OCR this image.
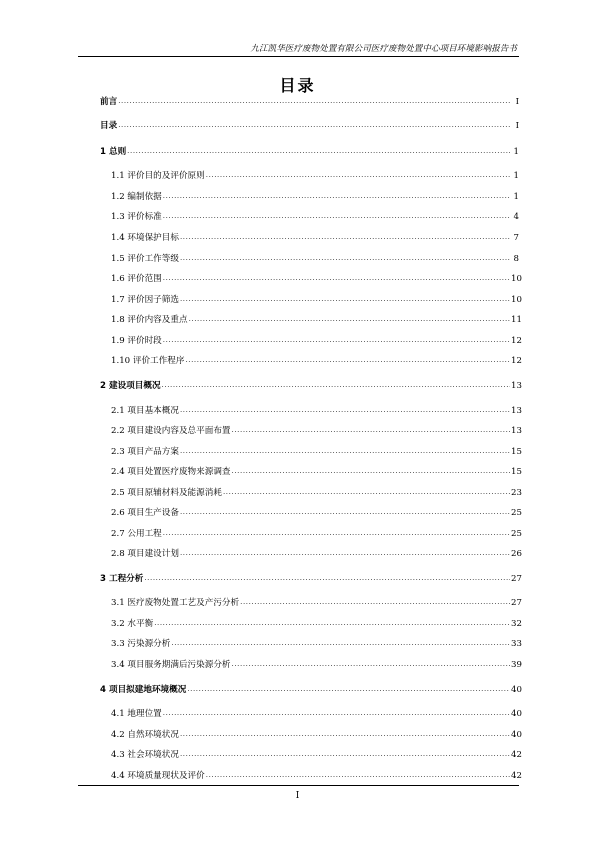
九江凯华医疗废物处置有限公司医疗废物处置中心项目环境影响报告书
目录
前言 .....	I
目录 .....	I
1 总则 .....	1
1.1 评价目的及评价原则 .....	1
1.2 编制依据 .....	1
1.3 评价标准 .....	4
1.4 环境保护目标 .....	7
1.5 评价工作等级 .....	8
1.6 评价范围 .....	10
1.7 评价因子筛选 .....	10
1.8 评价内容及重点 .....	11
1.9 评价时段 .....	12
1.10 评价工作程序 .....	12
2 建设项目概况 .....	13
2.1 项目基本概况 .....	13
2.2 项目建设内容及总平面布置 .....	13
2.3 项目产品方案 .....	15
2.4 项目处置医疗废物来源调查 .....	15
2.5 项目原辅材料及能源消耗 .....	23
2.6 项目生产设备 .....	25
2.7 公用工程 .....	25
2.8 项目建设计划 .....	26
3 工程分析 .....	27
3.1 医疗废物处置工艺及产污分析 .....	27
3.2 水平衡 .....	32
3.3 污染源分析 .....	33
3.4 项目服务期满后污染源分析 .....	39
4 项目拟建地环境概况 .....	40
4.1 地理位置 .....	40
4.2 自然环境状况 .....	40
4.3 社会环境状况 .....	42
4.4 环境质量现状及评价 .....	42
I
